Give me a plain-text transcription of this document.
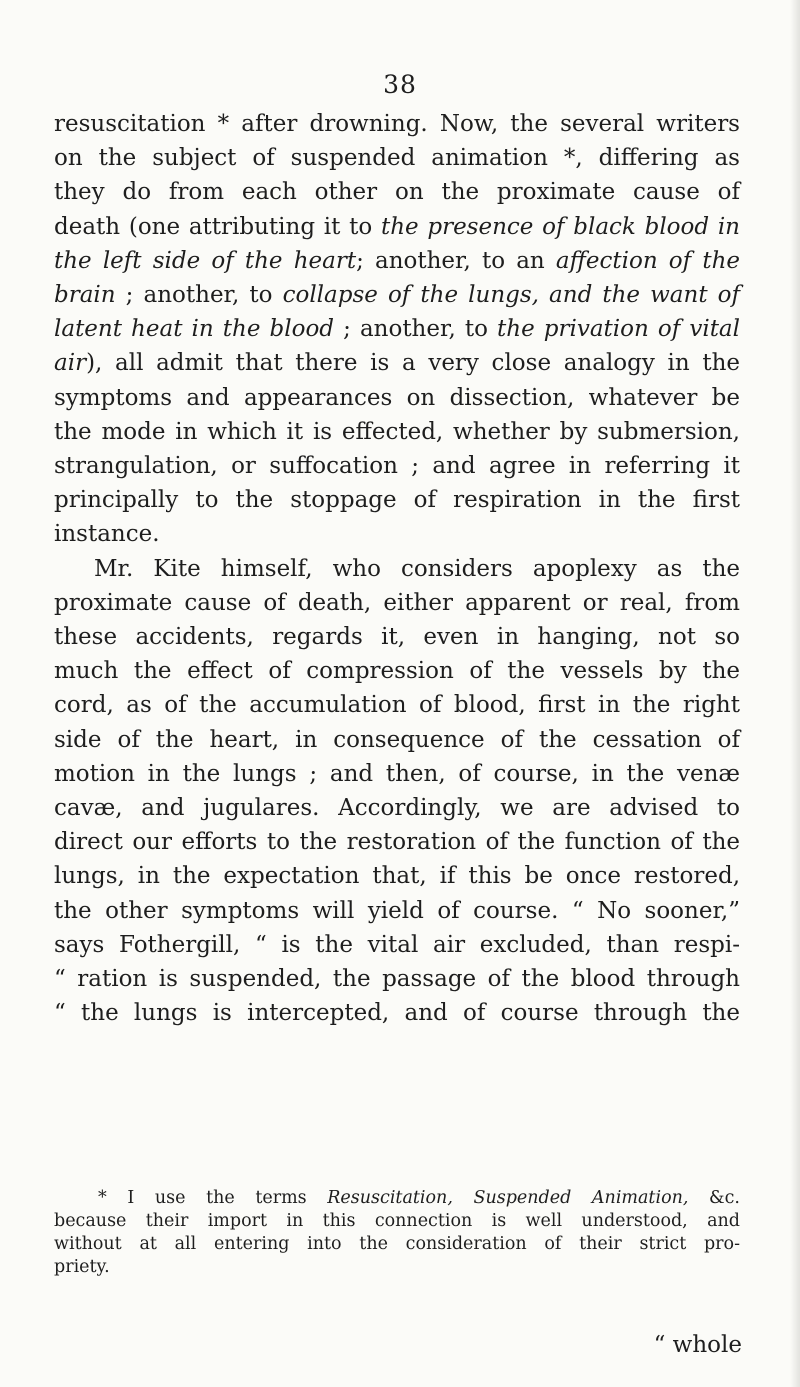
38
resuscitation * after drowning. Now, the several writers
on the subject of suspended animation *, differing as
they do from each other on the proximate cause of
death (one attributing it to the presence of black blood in
the left side of the heart; another, to an affection of the
brain ; another, to collapse of the lungs, and the want of
latent heat in the blood ; another, to the privation of vital
air), all admit that there is a very close analogy in the
symptoms and appearances on dissection, whatever be
the mode in which it is effected, whether by submersion,
strangulation, or suffocation ; and agree in referring it
principally to the stoppage of respiration in the first
instance.
Mr. Kite himself, who considers apoplexy as the
proximate cause of death, either apparent or real, from
these accidents, regards it, even in hanging, not so
much the effect of compression of the vessels by the
cord, as of the accumulation of blood, first in the right
side of the heart, in consequence of the cessation of
motion in the lungs ; and then, of course, in the venæ
cavæ, and jugulares. Accordingly, we are advised to
direct our efforts to the restoration of the function of the
lungs, in the expectation that, if this be once restored,
the other symptoms will yield of course. “ No sooner,”
says Fothergill, “ is the vital air excluded, than respi-
“ ration is suspended, the passage of the blood through
“ the lungs is intercepted, and of course through the
* I use the terms Resuscitation, Suspended Animation, &c.
because their import in this connection is well understood, and
without at all entering into the consideration of their strict pro-
priety.
“ whole
